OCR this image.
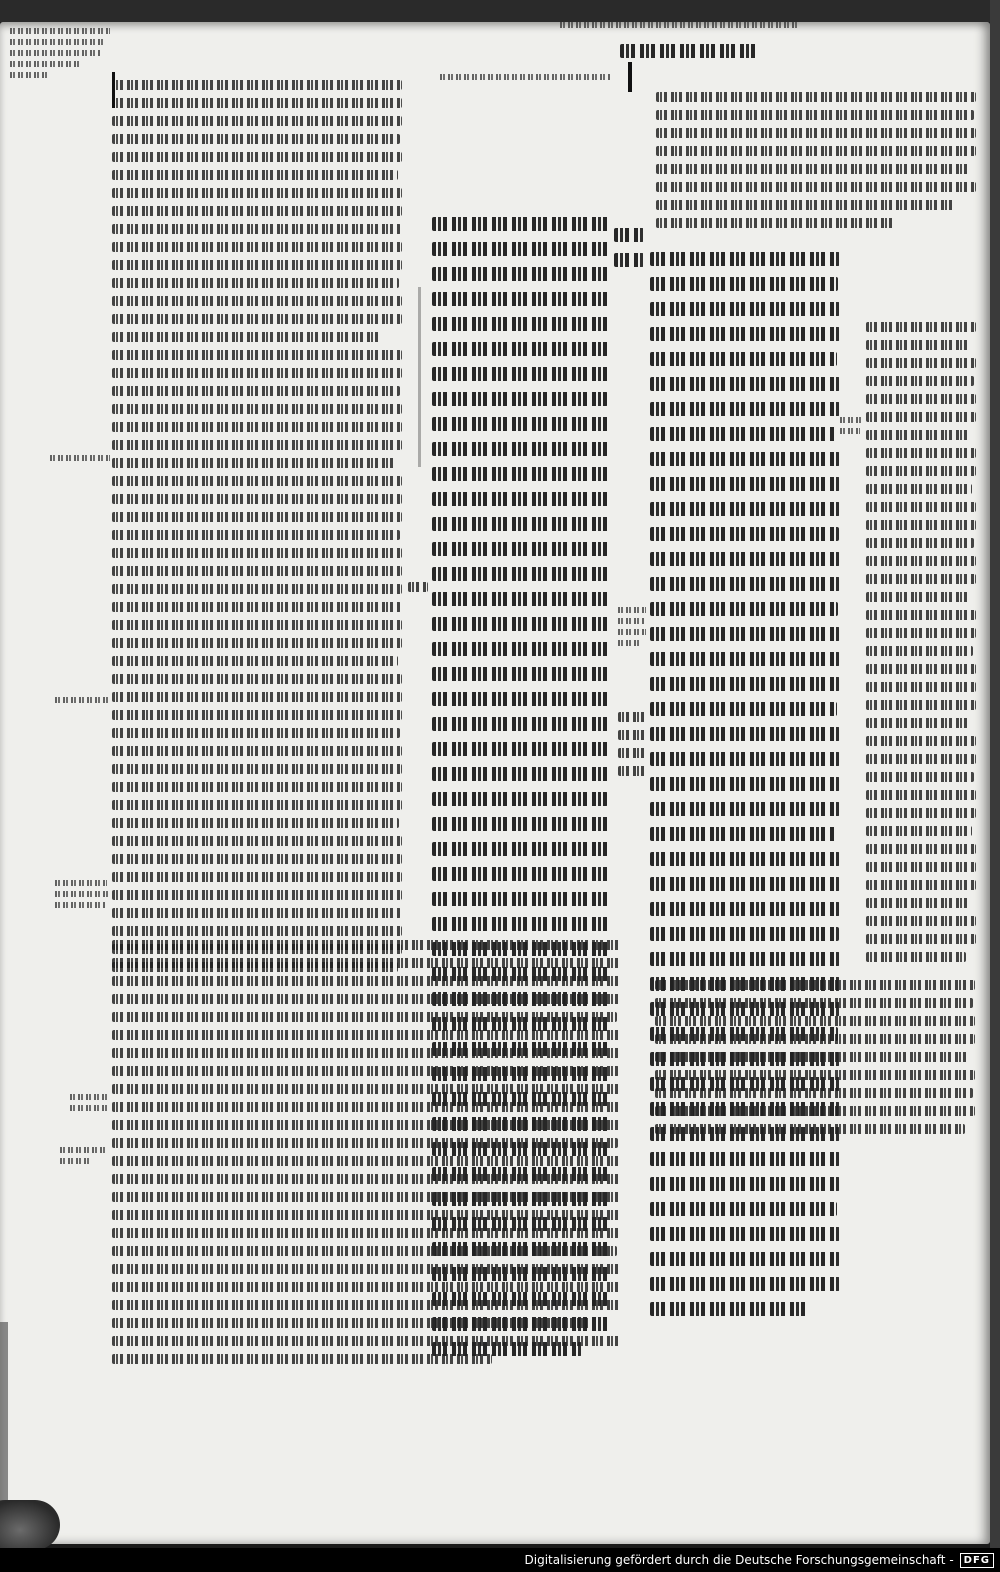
Digitalisierung gefördert durch die Deutsche Forschungsgemeinschaft -	DFG
